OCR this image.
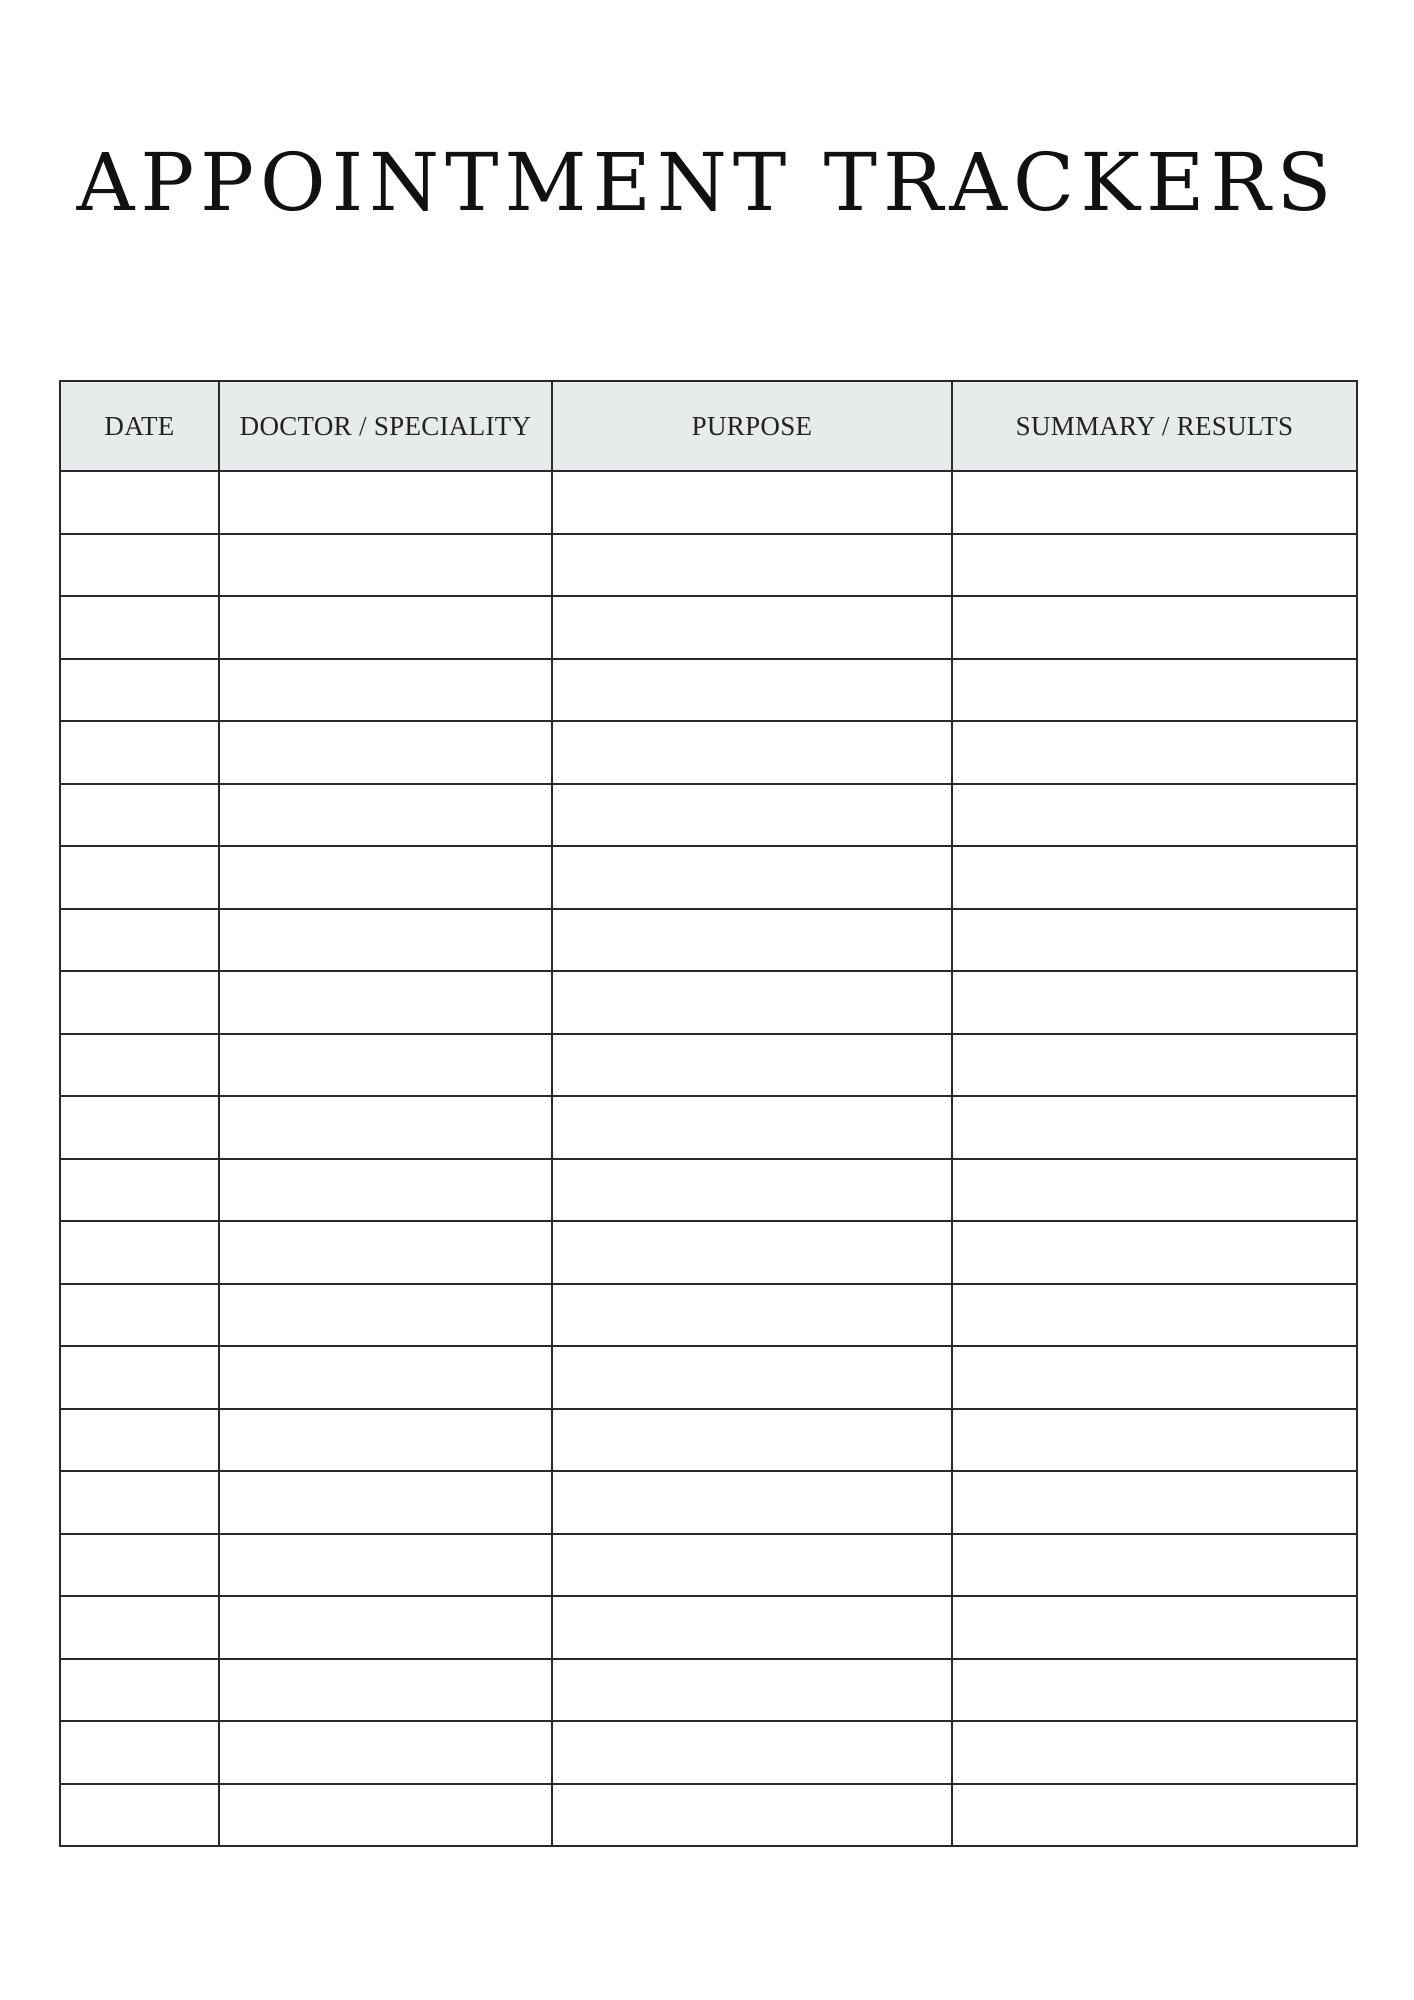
APPOINTMENT TRACKERS
DATE	DOCTOR / SPECIALITY	PURPOSE	SUMMARY / RESULTS
